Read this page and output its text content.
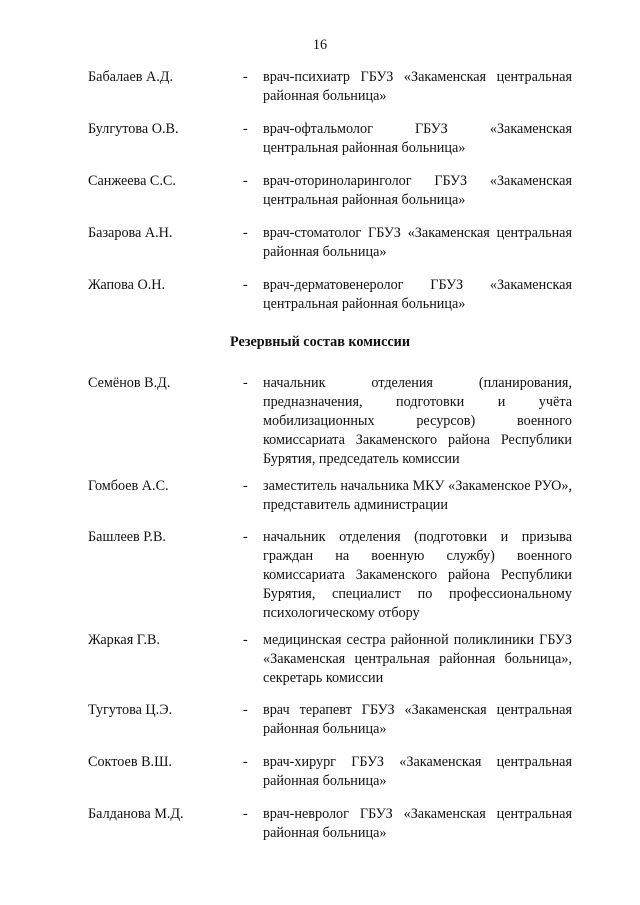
16
Бабалаев А.Д.	- врач-психиатр ГБУЗ «Закаменская центральная районная больница»
Булгутова О.В.	- врач-офтальмолог ГБУЗ «Закаменская центральная районная больница»
Санжеева С.С.	- врач-оториноларинголог ГБУЗ «Закаменская центральная районная больница»
Базарова А.Н.	- врач-стоматолог ГБУЗ «Закаменская центральная районная больница»
Жапова О.Н.	- врач-дерматовенеролог ГБУЗ «Закаменская центральная районная больница»
Резервный состав комиссии
Семёнов В.Д.	- начальник отделения (планирования, предназначения, подготовки и учёта мобилизационных ресурсов) военного комиссариата Закаменского района Республики Бурятия, председатель комиссии
Гомбоев А.С.	- заместитель начальника МКУ «Закаменское РУО», представитель администрации
Башлеев Р.В.	- начальник отделения (подготовки и призыва граждан на военную службу) военного комиссариата Закаменского района Республики Бурятия, специалист по профессиональному психологическому отбору
Жаркая Г.В.	- медицинская сестра районной поликлиники ГБУЗ «Закаменская центральная районная больница», секретарь комиссии
Тугутова Ц.Э.	- врач терапевт ГБУЗ «Закаменская центральная районная больница»
Соктоев В.Ш.	- врач-хирург ГБУЗ «Закаменская центральная районная больница»
Балданова М.Д.	- врач-невролог ГБУЗ «Закаменская центральная районная больница»
